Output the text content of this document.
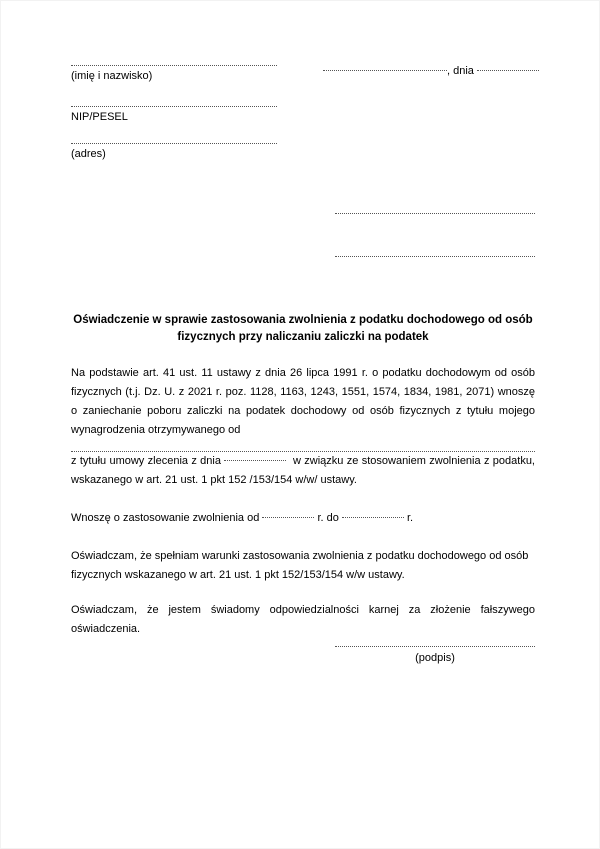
(imię i nazwisko)	, dnia
NIP/PESEL
(adres)
Oświadczenie w sprawie zastosowania zwolnienia z podatku dochodowego od osób fizycznych przy naliczaniu zaliczki na podatek

Na podstawie art. 41 ust. 11 ustawy z dnia 26 lipca 1991 r. o podatku dochodowym od osób fizycznych (t.j. Dz. U. z 2021 r. poz. 1128, 1163, 1243, 1551, 1574, 1834, 1981, 2071) wnoszę o zaniechanie poboru zaliczki na podatek dochodowy od osób fizycznych z tytułu mojego wynagrodzenia otrzymywanego od

z tytułu umowy zlecenia z dnia	w związku ze stosowaniem zwolnienia z podatku, wskazanego w art. 21 ust. 1 pkt 152 /153/154 w/w/ ustawy.

Wnoszę o zastosowanie zwolnienia od	r. do	r.

Oświadczam, że spełniam warunki zastosowania zwolnienia z podatku dochodowego od osób fizycznych wskazanego w art. 21 ust. 1 pkt 152/153/154 w/w ustawy.

Oświadczam, że jestem świadomy odpowiedzialności karnej za złożenie fałszywego oświadczenia.

(podpis)
